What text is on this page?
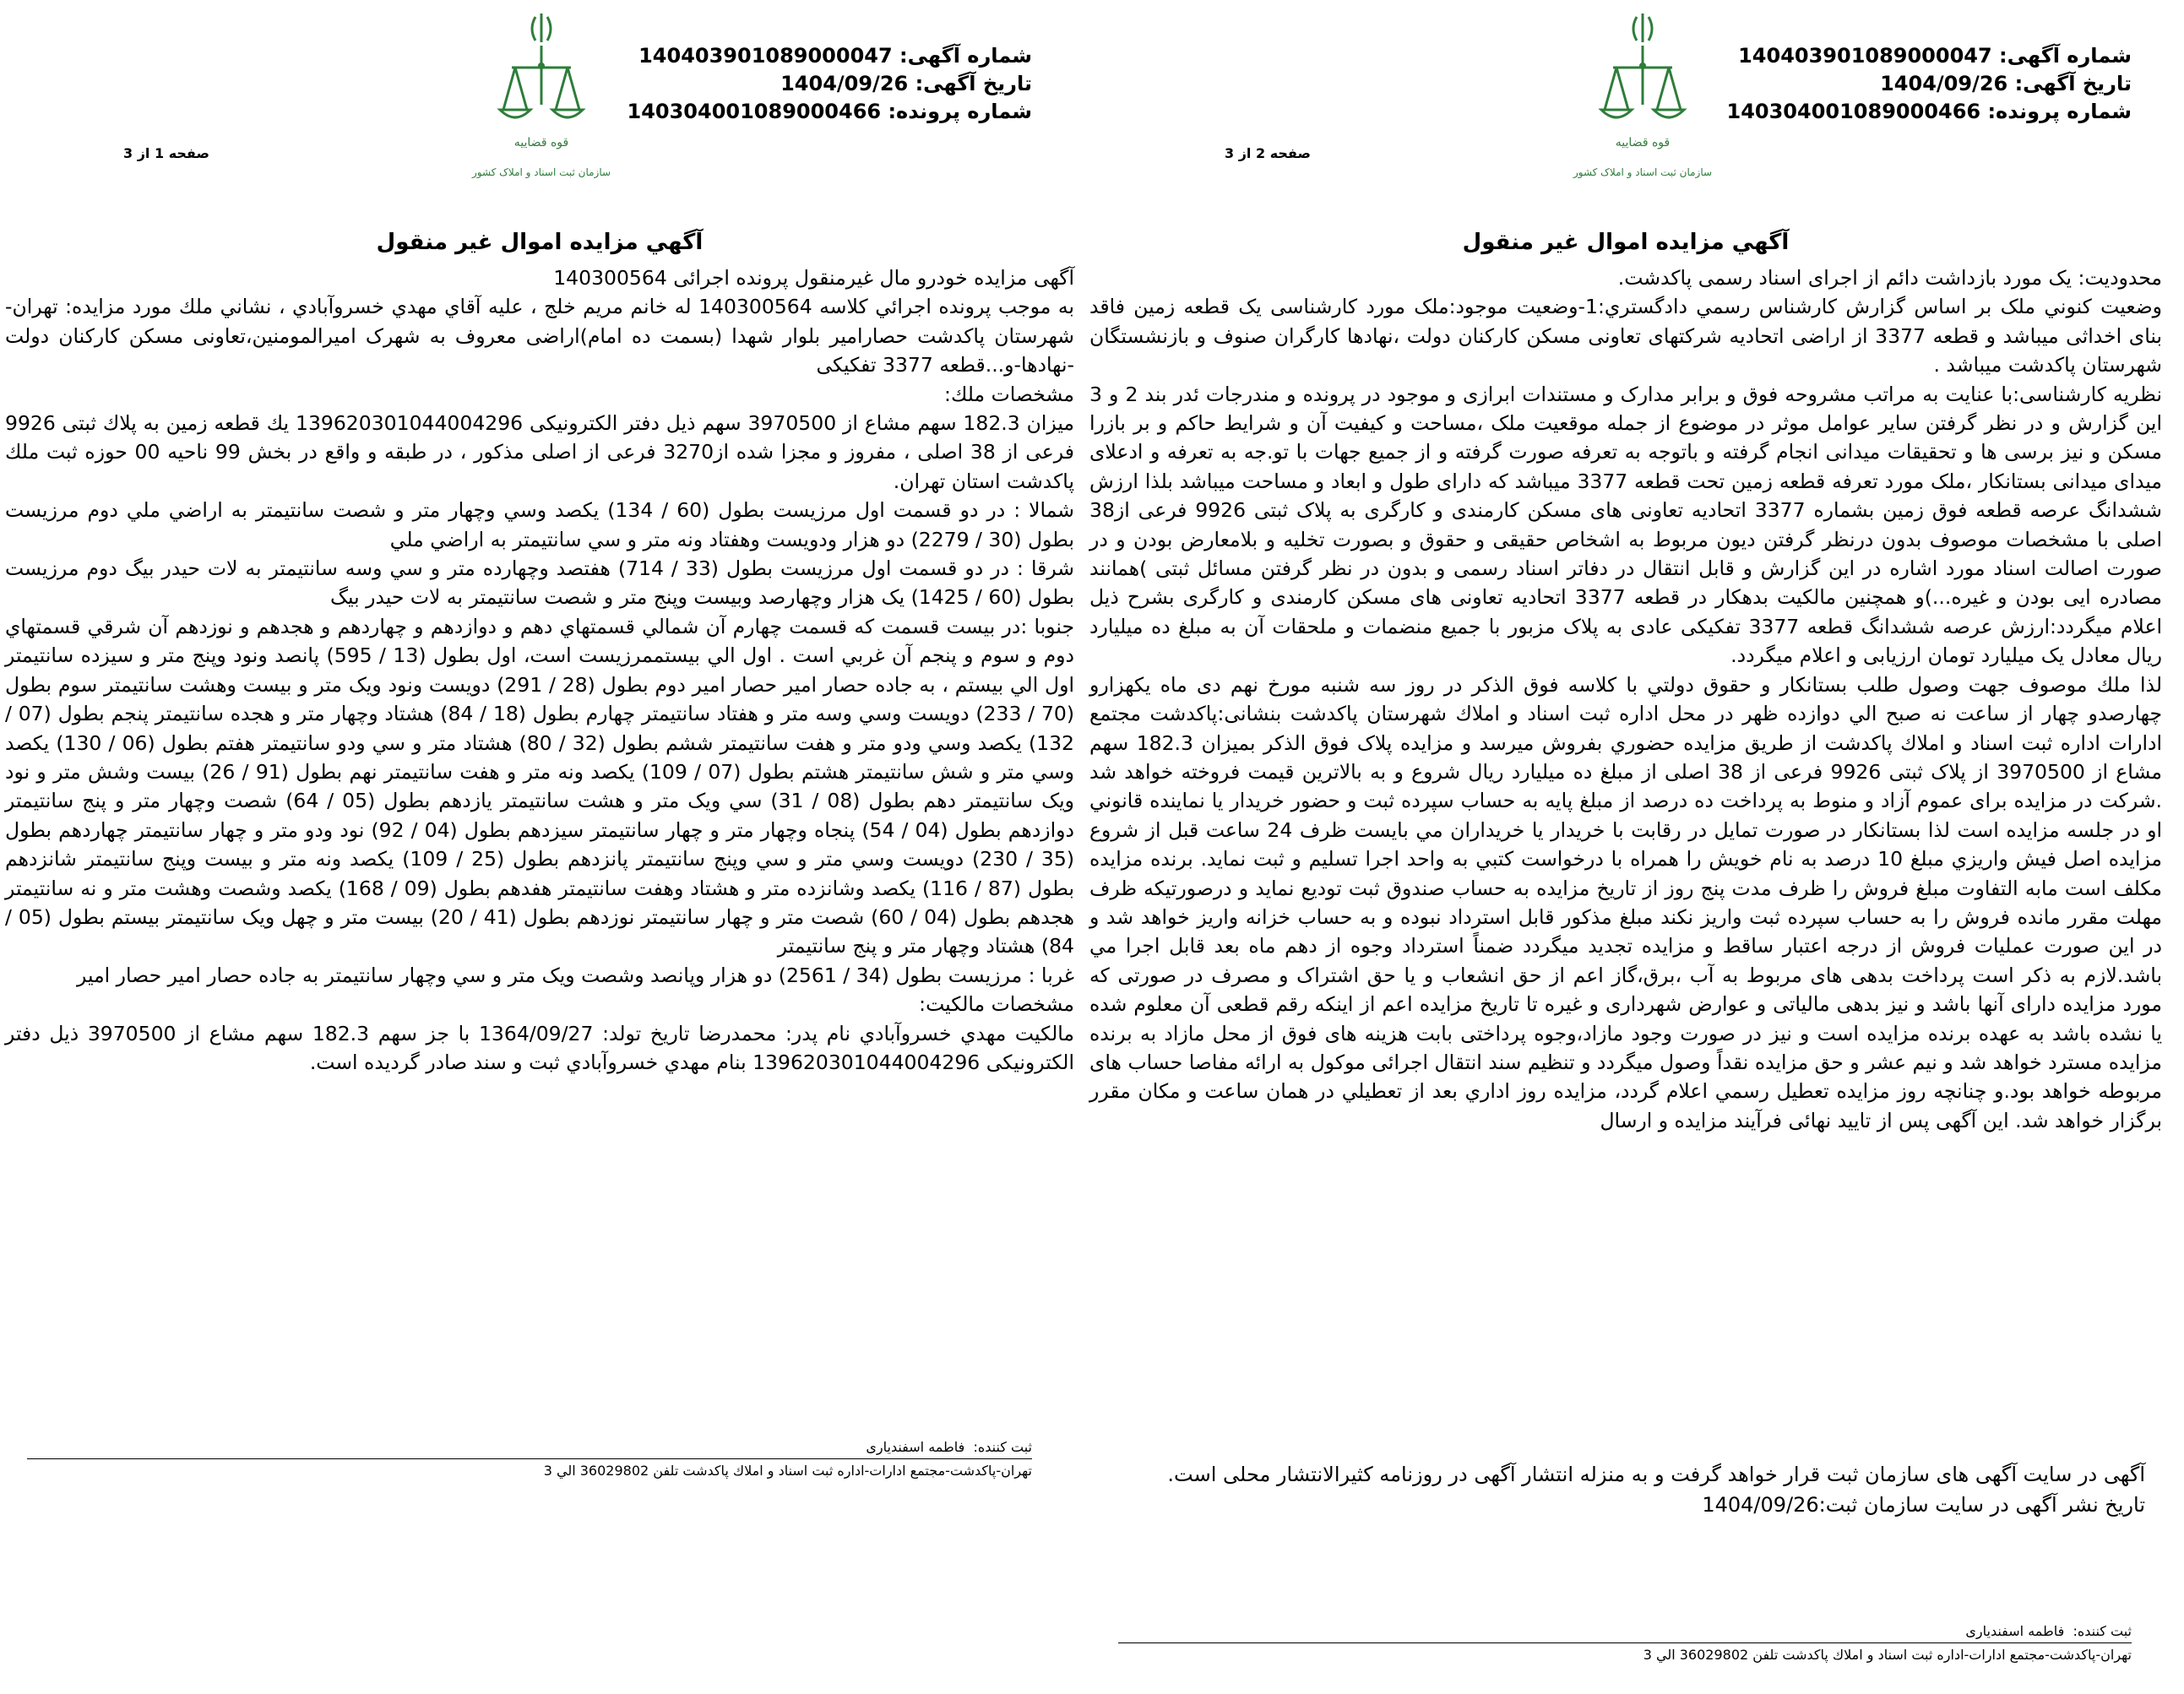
شماره آگهی: 140403901089000047
تاریخ آگهی: 1404/09/26
شماره پرونده: 140304001089000466
قوه قضاییه
سازمان ثبت اسناد و املاک کشور
صفحه 2 از 3
آگهي مزايده اموال غير منقول

محدوديت: يک مورد بازداشت دائم از اجرای اسناد رسمی پاكدشت.

وضعيت كنوني ملک بر اساس گزارش كارشناس رسمي دادگستري:1-وضعيت موجود:ملک مورد كارشناسی يک قطعه زمين فاقد بنای اخداثی ميباشد و قطعه 3377 از اراضی اتحاديه شرکتهای تعاونی مسکن کارکنان دولت ،نهادها کارگران صنوف و بازنشستگان شهرستان پاکدشت ميباشد .

نظريه كارشناسی:با عنايت به مراتب مشروحه فوق و برابر مدارک و مستندات ابرازی و موجود در پرونده و مندرجات ئدر بند 2 و 3 اين گزارش و در نظر گرفتن ساير عوامل موثر در موضوع از جمله موقعيت ملک ،مساحت و کيفيت آن و شرايط حاکم و بر بازرا مسکن و نيز برسی ها و تحقيقات ميدانی انجام گرفته و باتوجه به تعرفه صورت گرفته و از جميع جهات با تو.جه به تعرفه و ادعلای ميدای ميدانی بستانکار ،ملک مورد تعرفه قطعه زمين تحت قطعه 3377 ميباشد که دارای طول و ابعاد و مساحت ميباشد بلذا ارزش ششدانگ عرصه قطعه فوق زمين بشماره 3377 اتحاديه تعاونی های مسکن کارمندی و کارگری به پلاک ثبتی 9926 فرعی از38 اصلی با مشخصات موصوف بدون درنظر گرفتن ديون مربوط به اشخاص حقيقی و حقوق و بصورت تخليه و بلامعارض بودن و در صورت اصالت اسناد مورد اشاره در اين گزارش و قابل انتقال در دفاتر اسناد رسمی و بدون در نظر گرفتن مسائل ثبتی )همانند مصادره ايی بودن و غيره...)و همچنين مالکيت بدهکار در قطعه 3377 اتحاديه تعاونی های مسکن کارمندی و کارگری بشرح ذيل اعلام ميگردد:ارزش عرصه ششدانگ قطعه 3377 تفکيکی عادی به پلاک مزبور با جميع منضمات و ملحقات آن به مبلغ ده ميليارد ريال معادل يک ميليارد تومان ارزيابی و اعلام ميگردد.

لذا ملك موصوف جهت وصول طلب بستانكار و حقوق دولتي با كلاسه فوق الذكر در روز سه شنبه مورخ نهم دی ماه يكهزارو چهارصدو چهار از ساعت نه صبح الي دوازده ظهر در محل اداره ثبت اسناد و املاك شهرستان پاكدشت بنشانی:پاكدشت مجتمع ادارات اداره ثبت اسناد و املاك پاكدشت از طريق مزايده حضوري بفروش ميرسد و مزايده پلاک فوق الذکر بميزان 182.3 سهم مشاع از 3970500 از پلاک ثبتی 9926 فرعی از 38 اصلی از مبلغ ده ميليارد ريال شروع و به بالاترين قيمت فروخته خواهد شد .شركت در مزايده برای عموم آزاد و منوط به پرداخت ده درصد از مبلغ پايه به حساب سپرده ثبت و حضور خريدار يا نماينده قانوني او در جلسه مزايده است لذا بستانكار در صورت تمايل در رقابت با خريدار يا خريداران مي بايست ظرف 24 ساعت قبل از شروع مزايده اصل فيش واريزي مبلغ 10 درصد به نام خويش را همراه با درخواست كتبي به واحد اجرا تسليم و ثبت نمايد. برنده مزايده مكلف است مابه التفاوت مبلغ فروش را ظرف مدت پنج روز از تاريخ مزايده به حساب صندوق ثبت توديع نمايد و درصورتيكه ظرف مهلت مقرر مانده فروش را به حساب سپرده ثبت واريز نكند مبلغ مذكور قابل استرداد نبوده و به حساب خزانه واريز خواهد شد و در اين صورت عمليات فروش از درجه اعتبار ساقط و مزايده تجديد ميگردد ضمناً استرداد وجوه از دهم ماه بعد قابل اجرا مي باشد.لازم به ذكر است پرداخت بدهی های مربوط به آب ،برق،گاز اعم از حق انشعاب و يا حق اشتراک و مصرف در صورتی كه مورد مزايده دارای آنها باشد و نيز بدهی مالياتی و عوارض شهرداری و غيره تا تاريخ مزايده اعم از اينكه رقم قطعی آن معلوم شده يا نشده باشد به عهده برنده مزايده است و نيز در صورت وجود مازاد،وجوه پرداختی بابت هزينه های فوق از محل مازاد به برنده مزايده مسترد خواهد شد و نيم عشر و حق مزايده نقداً وصول ميگردد و تنظيم سند انتقال اجرائی موكول به ارائه مفاصا حساب های مربوطه خواهد بود.و چنانچه روز مزايده تعطيل رسمي اعلام گردد، مزايده روز اداري بعد از تعطيلي در همان ساعت و مكان مقرر برگزار خواهد شد. اين آگهی پس از تاييد نهائی فرآيند مزايده و ارسال

آگهی در سايت آگهی های سازمان ثبت قرار خواهد گرفت و به منزله انتشار آگهی در روزنامه كثيرالانتشار محلی است.
تاريخ نشر آگهی در سايت سازمان ثبت:1404/09/26
ثبت كننده:  فاطمه اسفنديارى
تهران-پاكدشت-مجتمع ادارات-اداره ثبت اسناد و املاك پاكدشت تلفن 36029802 الي 3
شماره آگهی: 140403901089000047
تاریخ آگهی: 1404/09/26
شماره پرونده: 140304001089000466
قوه قضاییه
سازمان ثبت اسناد و املاک کشور
صفحه 1 از 3
آگهي مزايده اموال غير منقول

آگهی مزايده خودرو مال غيرمنقول پرونده اجرائی 140300564

به موجب پرونده اجرائي كلاسه 140300564 له خانم مريم خلج ، عليه آقاي مهدي خسروآبادي ، نشاني ملك مورد مزايده: تهران-شهرستان پاكدشت حصارامير بلوار شهدا (بسمت ده امام)اراضی معروف به شهرک اميرالمومنين،تعاونی مسكن كاركنان دولت -نهادها-و...قطعه 3377 تفکیکی

مشخصات ملك:

ميزان 182.3 سهم مشاع از 3970500 سهم ذيل دفتر الكترونيكی 139620301044004296 يك قطعه زمين به پلاك ثبتی 9926 فرعی از 38 اصلی ، مفروز و مجزا شده از3270 فرعی از اصلی مذکور ، در طبقه و واقع در بخش 99 ناحيه 00 حوزه ثبت ملك پاكدشت استان تهران.

شمالا : در دو قسمت اول مرزيست بطول (60 / 134) يكصد وسي وچهار متر و شصت سانتيمتر به اراضي ملي دوم مرزيست بطول (30 / 2279) دو هزار ودويست وهفتاد ونه متر و سي سانتيمتر به اراضي ملي

شرقا : در دو قسمت اول مرزيست بطول (33 / 714) هفتصد وچهارده متر و سي وسه سانتيمتر به لات حيدر بيگ دوم مرزيست بطول (60 / 1425) يک هزار وچهارصد وبيست وپنج متر و شصت سانتيمتر به لات حيدر بيگ

جنوبا :در بيست قسمت كه قسمت چهارم آن شمالي قسمتهاي دهم و دوازدهم و چهاردهم و هجدهم و نوزدهم آن شرقي قسمتهاي دوم و سوم و پنجم آن غربي است . اول الي بيستممرزيست است، اول بطول (13 / 595) پانصد ونود وپنج متر و سيزده سانتيمتر اول الي بيستم ، به جاده حصار امير حصار امير دوم بطول (28 / 291) دويست ونود ويک متر و بيست وهشت سانتيمتر سوم بطول (70 / 233) دويست وسي وسه متر و هفتاد سانتيمتر چهارم بطول (18 / 84) هشتاد وچهار متر و هجده سانتيمتر پنجم بطول (07 / 132) يکصد وسي ودو متر و هفت سانتيمتر ششم بطول (32 / 80) هشتاد متر و سي ودو سانتيمتر هفتم بطول (06 / 130) يکصد وسي متر و شش سانتيمتر هشتم بطول (07 / 109) يکصد ونه متر و هفت سانتيمتر نهم بطول (91 / 26) بيست وشش متر و نود ويک سانتيمتر دهم بطول (08 / 31) سي ويک متر و هشت سانتيمتر يازدهم بطول (05 / 64) شصت وچهار متر و پنج سانتيمتر دوازدهم بطول (04 / 54) پنجاه وچهار متر و چهار سانتيمتر سيزدهم بطول (04 / 92) نود ودو متر و چهار سانتيمتر چهاردهم بطول (35 / 230) دويست وسي متر و سي وپنج سانتيمتر پانزدهم بطول (25 / 109) يکصد ونه متر و بيست وپنج سانتيمتر شانزدهم بطول (87 / 116) يکصد وشانزده متر و هشتاد وهفت سانتيمتر هفدهم بطول (09 / 168) يکصد وشصت وهشت متر و نه سانتيمتر هجدهم بطول (04 / 60) شصت متر و چهار سانتيمتر نوزدهم بطول (41 / 20) بيست متر و چهل ويک سانتيمتر بيستم بطول (05 / 84) هشتاد وچهار متر و پنج سانتيمتر

غربا : مرزيست بطول (34 / 2561) دو هزار وپانصد وشصت ويک متر و سي وچهار سانتيمتر به جاده حصار امير حصار امير

مشخصات مالكيت:

مالكيت مهدي خسروآبادي نام پدر: محمدرضا تاريخ تولد: 1364/09/27 با جز سهم 182.3 سهم مشاع از 3970500 ذيل دفتر الكترونيكی 139620301044004296 بنام مهدي خسروآبادي ثبت و سند صادر گرديده است.

ثبت كننده:  فاطمه اسفنديارى
تهران-پاكدشت-مجتمع ادارات-اداره ثبت اسناد و املاك پاكدشت تلفن 36029802 الي 3
